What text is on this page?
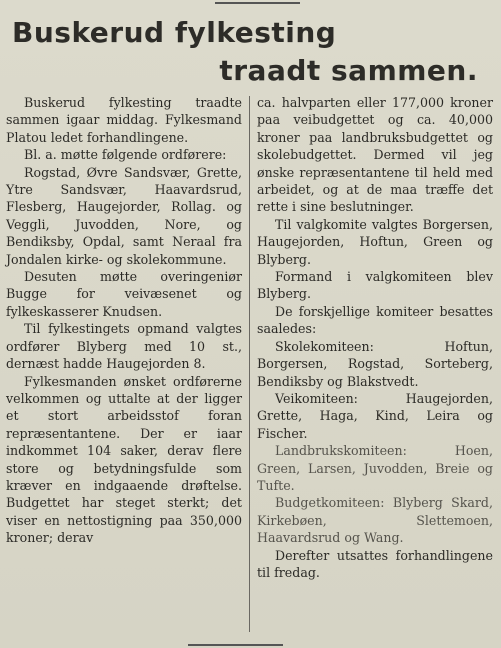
Buskerud fylkesting
traadt sammen.

Buskerud fylkesting traadte sammen igaar middag. Fylkesmand Platou ledet forhandlingene.

Bl. a. møtte følgende ordførere:

Rogstad, Øvre Sandsvær, Grette, Ytre Sandsvær, Haavardsrud, Flesberg, Haugejorder, Rollag. og Veggli, Juvodden, Nore, og Bendiksby, Opdal, samt Neraal fra Jondalen kirke- og skolekommune.

Desuten møtte overingeniør Bugge for veivæsenet og fylkeskasserer Knudsen.

Til fylkestingets opmand valgtes ordfører Blyberg med 10 st., dernæst hadde Haugejorden 8.

Fylkesmanden ønsket ordførerne velkommen og uttalte at der ligger et stort arbeidsstof foran repræsentantene. Der er iaar indkommet 104 saker, derav flere store og betydningsfulde som kræver en indgaaende drøftelse. Budgettet har steget sterkt; det viser en nettostigning paa 350,000 kroner; derav

ca. halvparten eller 177,000 kroner paa veibudgettet og ca. 40,000 kroner paa landbruksbudgettet og skolebudgettet. Dermed vil jeg ønske repræsentantene til held med arbeidet, og at de maa træffe det rette i sine beslutninger.

Til valgkomite valgtes Borgersen, Haugejorden, Hoftun, Green og Blyberg.

Formand i valgkomiteen blev Blyberg.

De forskjellige komiteer besattes saaledes:

Skolekomiteen: Hoftun, Borgersen, Rogstad, Sorteberg, Bendiksby og Blakstvedt.

Veikomiteen: Haugejorden, Grette, Haga, Kind, Leira og Fischer.

Landbrukskomiteen: Hoen, Green, Larsen, Juvodden, Breie og Tufte.

Budgetkomiteen: Blyberg Skard, Kirkebøen, Slettemoen, Haavardsrud og Wang.

Derefter utsattes forhandlingene til fredag.
